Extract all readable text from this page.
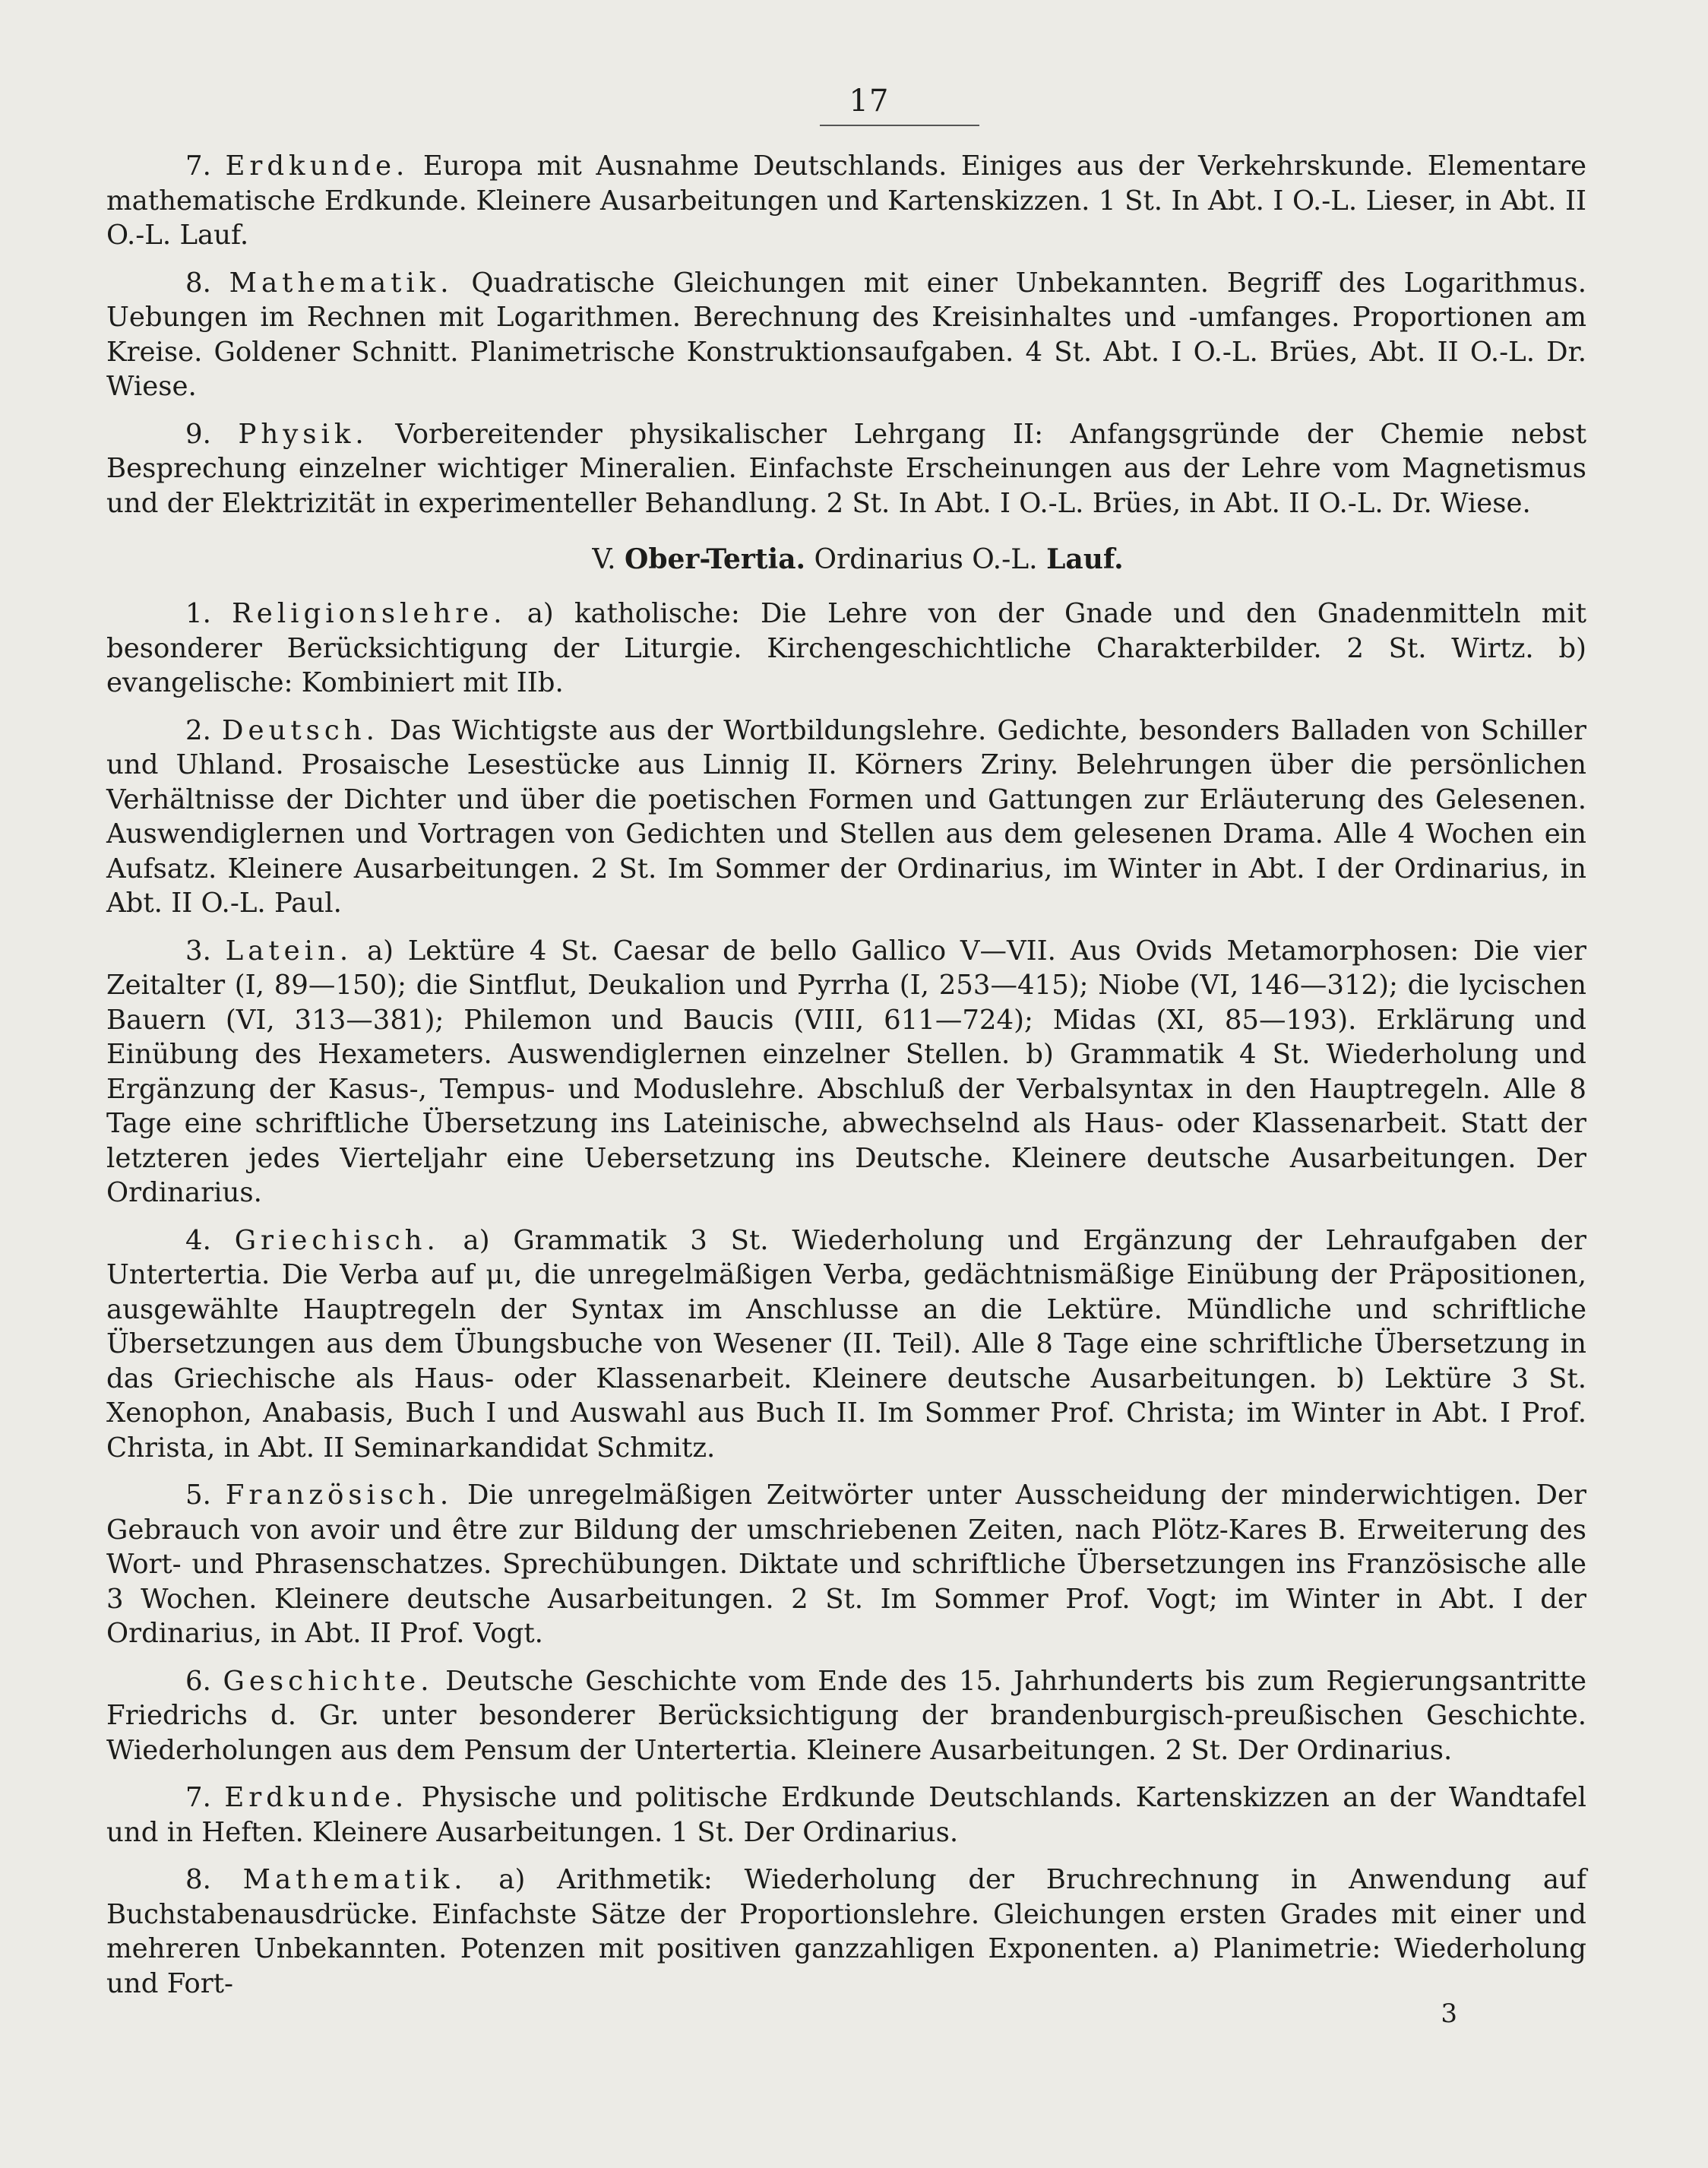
17

7. Erdkunde. Europa mit Ausnahme Deutschlands. Einiges aus der Verkehrskunde. Elementare mathematische Erdkunde. Kleinere Ausarbeitungen und Kartenskizzen. 1 St. In Abt. I O.-L. Lieser, in Abt. II O.-L. Lauf.

8. Mathematik. Quadratische Gleichungen mit einer Unbekannten. Begriff des Logarithmus. Uebungen im Rechnen mit Logarithmen. Berechnung des Kreisinhaltes und -umfanges. Proportionen am Kreise. Goldener Schnitt. Planimetrische Konstruktionsaufgaben. 4 St. Abt. I O.-L. Brües, Abt. II O.-L. Dr. Wiese.

9. Physik. Vorbereitender physikalischer Lehrgang II: Anfangsgründe der Chemie nebst Besprechung einzelner wichtiger Mineralien. Einfachste Erscheinungen aus der Lehre vom Magnetismus und der Elektrizität in experimenteller Behandlung. 2 St. In Abt. I O.-L. Brües, in Abt. II O.-L. Dr. Wiese.

V. Ober-Tertia. Ordinarius O.-L. Lauf.

1. Religionslehre. a) katholische: Die Lehre von der Gnade und den Gnadenmitteln mit besonderer Berücksichtigung der Liturgie. Kirchengeschichtliche Charakterbilder. 2 St. Wirtz. b) evangelische: Kombiniert mit IIb.

2. Deutsch. Das Wichtigste aus der Wortbildungslehre. Gedichte, besonders Balladen von Schiller und Uhland. Prosaische Lesestücke aus Linnig II. Körners Zriny. Belehrungen über die persönlichen Verhältnisse der Dichter und über die poetischen Formen und Gattungen zur Erläuterung des Gelesenen. Auswendiglernen und Vortragen von Gedichten und Stellen aus dem gelesenen Drama. Alle 4 Wochen ein Aufsatz. Kleinere Ausarbeitungen. 2 St. Im Sommer der Ordinarius, im Winter in Abt. I der Ordinarius, in Abt. II O.-L. Paul.

3. Latein. a) Lektüre 4 St. Caesar de bello Gallico V—VII. Aus Ovids Metamorphosen: Die vier Zeitalter (I, 89—150); die Sintflut, Deukalion und Pyrrha (I, 253—415); Niobe (VI, 146—312); die lycischen Bauern (VI, 313—381); Philemon und Baucis (VIII, 611—724); Midas (XI, 85—193). Erklärung und Einübung des Hexameters. Auswendiglernen einzelner Stellen. b) Grammatik 4 St. Wiederholung und Ergänzung der Kasus-, Tempus- und Moduslehre. Abschluß der Verbalsyntax in den Hauptregeln. Alle 8 Tage eine schriftliche Übersetzung ins Lateinische, abwechselnd als Haus- oder Klassenarbeit. Statt der letzteren jedes Vierteljahr eine Uebersetzung ins Deutsche. Kleinere deutsche Ausarbeitungen. Der Ordinarius.

4. Griechisch. a) Grammatik 3 St. Wiederholung und Ergänzung der Lehraufgaben der Untertertia. Die Verba auf μι, die unregelmäßigen Verba, gedächtnismäßige Einübung der Präpositionen, ausgewählte Hauptregeln der Syntax im Anschlusse an die Lektüre. Mündliche und schriftliche Übersetzungen aus dem Übungsbuche von Wesener (II. Teil). Alle 8 Tage eine schriftliche Übersetzung in das Griechische als Haus- oder Klassenarbeit. Kleinere deutsche Ausarbeitungen. b) Lektüre 3 St. Xenophon, Anabasis, Buch I und Auswahl aus Buch II. Im Sommer Prof. Christa; im Winter in Abt. I Prof. Christa, in Abt. II Seminarkandidat Schmitz.

5. Französisch. Die unregelmäßigen Zeitwörter unter Ausscheidung der minderwichtigen. Der Gebrauch von avoir und être zur Bildung der umschriebenen Zeiten, nach Plötz-Kares B. Erweiterung des Wort- und Phrasenschatzes. Sprechübungen. Diktate und schriftliche Übersetzungen ins Französische alle 3 Wochen. Kleinere deutsche Ausarbeitungen. 2 St. Im Sommer Prof. Vogt; im Winter in Abt. I der Ordinarius, in Abt. II Prof. Vogt.

6. Geschichte. Deutsche Geschichte vom Ende des 15. Jahrhunderts bis zum Regierungsantritte Friedrichs d. Gr. unter besonderer Berücksichtigung der brandenburgisch-preußischen Geschichte. Wiederholungen aus dem Pensum der Untertertia. Kleinere Ausarbeitungen. 2 St. Der Ordinarius.

7. Erdkunde. Physische und politische Erdkunde Deutschlands. Kartenskizzen an der Wandtafel und in Heften. Kleinere Ausarbeitungen. 1 St. Der Ordinarius.

8. Mathematik. a) Arithmetik: Wiederholung der Bruchrechnung in Anwendung auf Buchstabenausdrücke. Einfachste Sätze der Proportionslehre. Gleichungen ersten Grades mit einer und mehreren Unbekannten. Potenzen mit positiven ganzzahligen Exponenten. a) Planimetrie: Wiederholung und Fort-

3
